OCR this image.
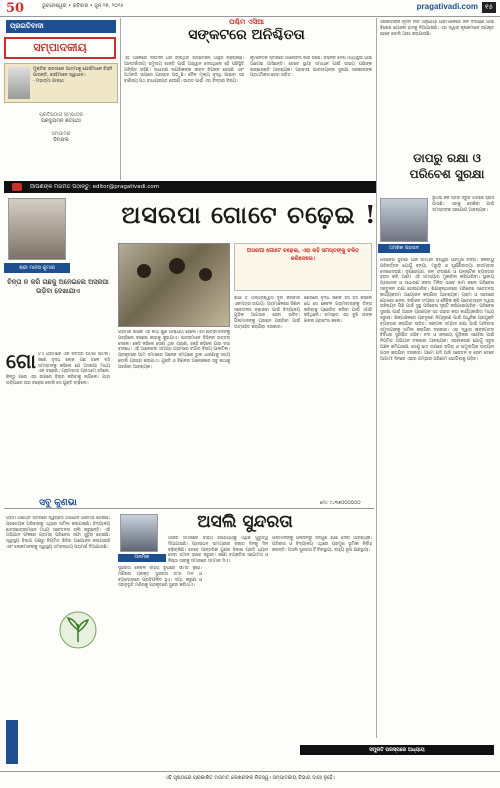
50	ଭୁବନେଶ୍ୱର • ରବିବାର • ଜୁନ୍ ୨୭, ୨୦୨୫	pragativadi.com ୧୫
ପ୍ରଗତିବାଦୀ
ସମ୍ପାଦକୀୟ
ମୁକ୍ତିର ଭରସାରେ ଆତ୍ମାକୁ ଯେଉଁମାନେ ଚିହ୍ନି ପାରନ୍ତି, ସେହିମାନେ ସ୍ୱାଧୀନ।
- ମହାତ୍ମା ଗାନ୍ଧୀ
ପ୍ରତିଷ୍ଠାତା ସମ୍ପାଦକ
ପ୍ରଦ୍ୟୁମ୍ନ ଶତପଥୀ
ସମ୍ପାଦକ
ଡିମ୍ପଲ
ପଶ୍ଚିମ ଏସିଆ
ସଙ୍କଟରେ ଅନିଶ୍ଚିତତା
ଏହି ଅଞ୍ଚଳରେ ଦୀର୍ଘଦିନ ଧରି ଚାଲିଥିବା ଉତ୍ତେଜନା ଆହୁରି ବଢ଼ିଚାଲିଛି। ଆନ୍ତର୍ଜାତୀୟ ସମୁଦାୟ ଶାନ୍ତି ପାଇଁ ଆହ୍ୱାନ ଦେଉଥିଲେ ହେଁ ପରିସ୍ଥିତି ଅନିଶ୍ଚିତ ରହିଛି। ସାଧାରଣ ନାଗରିକଙ୍କ ଜୀବନ ବିପନ୍ନ ହେଉଛି ଏବଂ ଅର୍ଥନୀତି ଉପରେ ପ୍ରଭାବ ପଡ଼ୁଛି। ତୈଳ ମୂଲ୍ୟ ବୃଦ୍ଧି ପାଇବା ସହ ବାଣିଜ୍ୟ ପଥ ବାଧାପ୍ରାପ୍ତ ହେଉଛି। ଭାରତ ପାଇଁ ଏହା ଚିନ୍ତାର ବିଷୟ।
କୂଟନୈତିକ ସ୍ତରରେ ଆଲୋଚନା ଜାରି ରହିଛି। ବିଭିନ୍ନ ଦେଶ ମଧ୍ୟସ୍ଥତା ପାଇଁ ଆଗେଇ ଆସିଛନ୍ତି। ତେବେ ସ୍ଥାୟୀ ସମାଧାନ ପାଇଁ ଉଭୟ ପକ୍ଷଙ୍କ ଇଚ୍ଛାଶକ୍ତି ଆବଶ୍ୟକ। ପ୍ରବାସୀ ଭାରତୀୟଙ୍କ ସୁରକ୍ଷା ସରକାରଙ୍କ ପ୍ରାଥମିକତା ହେବା ଉଚିତ।
ସରକାରଙ୍କ ନୂତନ ନୀତି ଅନୁଯାୟୀ ଗ୍ରାମାଞ୍ଚଳରେ ଜଳ ସଂରକ୍ଷଣ ପାଇଁ ବିଶେଷ ଯୋଜନା ହାତକୁ ନିଆଯାଇଛି। ଏହା ଦ୍ୱାରା କୃଷକମାନେ ଉପକୃତ ହେବେ ବୋଲି ଆଶା କରାଯାଉଛି।
ଆପଣଙ୍କ ମତାମତ ପଠାନ୍ତୁ: editor@pragativadi.com
ଡାପରୁ ରକ୍ଷା ଓ ପରିବେଶ ସୁରକ୍ଷା
ଅମ୍ବିକା ପ୍ରସାଦ
ଭୂଗର୍ଭ ଜଳ ସ୍ତର ଦ୍ରୁତ ଗତିରେ ହ୍ରାସ ପାଉଛି। ଏହାକୁ ରୋକିବା ପାଇଁ ସମସ୍ତଙ୍କ ସହଯୋଗ ଆବଶ୍ୟକ।
ପରିବେଶ ସୁରକ୍ଷା ଆଜି ସମଗ୍ର ବିଶ୍ୱର ପ୍ରମୁଖ ଚିନ୍ତା। ଜଳବାୟୁ ପରିବର୍ତ୍ତନ ଯୋଗୁଁ ବନ୍ୟା, ମରୁଡ଼ି ଓ ଘୂର୍ଣ୍ଣିବାତ୍ୟା ବାରମ୍ବାର ଦେଖାଦେଉଛି। ବୃକ୍ଷରୋପଣ, ଜଳ ସଂରକ୍ଷଣ ଓ ପ୍ଲାଷ୍ଟିକ ବ୍ୟବହାର ହ୍ରାସ କରି ଆମେ ଏହି ସମସ୍ୟାର ମୁକାବିଲା କରିପାରିବା। ସ୍ଥାନୀୟ ପ୍ରଶାସନ ଓ ସାଧାରଣ ଜନତା ମିଳିତ ଭାବେ କାମ କଲେ ପରିବେଶ ସନ୍ତୁଳନ ରକ୍ଷା ହୋଇପାରିବ। ଶିକ୍ଷାନୁଷ୍ଠାନରେ ପରିବେଶ ସଚେତନତା କାର୍ଯ୍ୟକ୍ରମ ଆୟୋଜନ କରାଯିବା ଆବଶ୍ୟକ। ଗ୍ରାମ ଓ ସହରରେ ପୋଖରୀ ଖନନ, ବର୍ଷାଜଳ ସଂଗ୍ରହ ଓ ଜୈବିକ କୃଷି ପ୍ରୋତ୍ସାହନ ଦ୍ୱାରା ଭବିଷ୍ୟତ ପିଢ଼ି ପାଇଁ ସୁସ୍ଥ ପରିବେଶ ସୃଷ୍ଟି କରାଯାଇପାରିବ। ପରିବେଶ ସୁରକ୍ଷା ପାଇଁ ଆଇନ ପ୍ରଣୟନ ସହ ତାହାର କଡ଼ା କାର୍ଯ୍ୟକାରିତା ମଧ୍ୟ ଜରୁରୀ। ଶିଳ୍ପାଞ୍ଚଳରେ ପ୍ରଦୂଷଣ ନିୟନ୍ତ୍ରଣ ପାଇଁ ଆଧୁନିକ ପ୍ରଯୁକ୍ତି ବ୍ୟବହାର କରାଯିବା ଉଚିତ। ଜଙ୍ଗଲ ସମ୍ପଦ ରକ୍ଷା ପାଇଁ ଆଦିବାସୀ ସମୁଦାୟଙ୍କୁ ସାମିଲ କରାଯିବା ଦରକାର। ଏହା ଦ୍ୱାରା ଜୀବଜଗତର ବିବିଧତା ସୁରକ୍ଷିତ ରହିବ। ନଦୀ ଓ ଜଳାଶୟ ଗୁଡ଼ିକର ସଫେଇ ପାଇଁ ନିୟମିତ ଅଭିଯାନ ଚଳାଇବା ଆବଶ୍ୟକ। ସହରୀକରଣ ଯୋଗୁଁ ସବୁଜ ଅଞ୍ଚଳ କମିଯାଉଛି, ତେଣୁ ଛାତ ଉପରେ ବଗିଚା ଓ ସାମୁଦାୟିକ ଉଦ୍ୟାନ ଗଠନ କରାଯିବା ଦରକାର। ଆମେ ଯଦି ଆଜି ସଚେତନ ନ ହେବା ତେବେ ଆଗାମୀ ଦିନରେ ଏହାର ଗମ୍ଭୀର ପରିଣାମ ଭୋଗିବାକୁ ପଡ଼ିବ।
ଅସରପା ଗୋଟେ ଚଢ଼େଇ !
ଶ୍ରୀ ମାନସ କୁମାର
ଚିନ୍ତା ନ କରି ଗଛକୁ ଅନେଇଲେ ଅସରପା ଉଡ଼ିବା ଦେଖାଯାଏ
ଗୋ ଟିଏ ଗ୍ରାମରେ ଏକ ବିଚିତ୍ର ଘଟଣା ଘଟିଲା। ଜଣେ ବୃଦ୍ଧ ଲୋକ ଗଛ ତଳେ ବସି ସମସ୍ତଙ୍କୁ କହିଲେ ଯେ ଅସରପା ମଧ୍ୟ ଏକ ଚଢ଼େଇ। ଗ୍ରାମବାସୀ ପ୍ରଥମେ ହସିଲେ, କିନ୍ତୁ ପରେ ଏହା ଉପରେ ବିଚାର କରିବାକୁ ଲାଗିଲେ। ଯାହା ଉଡ଼ିପାରେ ତାହା ଚଢ଼େଇ ବୋଲି ସେ ଯୁକ୍ତି ବାଢ଼ିଲେ।
ଅସରପା ଗୋଟେ ଚଢ଼େଇ, ଏହା କହି ସମସ୍ତଙ୍କୁ ଚକିତ କରିଦେଲେ।
ଗ୍ରାମର ଶିକ୍ଷକ ଏହି କଥା ଶୁଣି ଆଶ୍ଚର୍ଯ୍ୟ ହେଲେ। ସେ ଛାତ୍ରମାନଙ୍କୁ ପଚାରିଲେ ଚଢ଼େଇ କାହାକୁ କୁହାଯାଏ। ଛାତ୍ରମାନେ ବିଭିନ୍ନ ଉତ୍ତର ଦେଲେ। କେହି କହିଲେ ଡେଣା ଥିବା ପ୍ରାଣୀ, କେହି କହିଲେ ଯାହା ବସା ବାନ୍ଧେ। ଏହି ଆଲୋଚନା ସମଗ୍ର ଗ୍ରାମରେ ଚର୍ଚ୍ଚାର ବିଷୟ ପାଲଟିଲା। ପ୍ରକୃତରେ ଆମ ସମାଜରେ ଅନେକ ସମୟରେ ଭୁଲ ଧାରଣାକୁ ସତ୍ୟ ବୋଲି ଗ୍ରହଣ କରାଯାଏ। ଯୁକ୍ତି ଓ ବିଜ୍ଞାନର ଆଲୋକରେ ସବୁ କଥାକୁ ପରଖିବା ଆବଶ୍ୟକ।
ଶିକ୍ଷା ହିଁ ଅନ୍ଧବିଶ୍ୱାସ ଦୂର କରିବାର ଏକମାତ୍ର ଉପାୟ। ଗ୍ରାମାଞ୍ଚଳରେ ବିଜ୍ଞାନ ସଚେତନତା ବଢ଼ାଇବା ପାଇଁ ବିଦ୍ୟାଳୟ ଗୁଡ଼ିକ ଆଗଭର ହେବା ଉଚିତ। ପିଲାମାନଙ୍କୁ ପ୍ରଶ୍ନ ପଚାରିବା ପାଇଁ ଉତ୍ସାହିତ କରାଯିବା ଦରକାର।
ଶେଷରେ ବୃଦ୍ଧ ଜଣକ ହସି ହସି କହିଲେ ଯେ ସେ କେବଳ ଗ୍ରାମବାସୀଙ୍କୁ ଚିନ୍ତା କରିବାକୁ ପ୍ରେରିତ କରିବା ପାଇଁ ଏପରି କହିଥିଲେ। ସମସ୍ତେ ଏହା ବୁଝି ତାଙ୍କ ଜ୍ଞାନର ପ୍ରଶଂସା କଲେ।
ମୋ: ୯୪୩୭୦୦୦୦୦୦
ସବୁ କୁଣଭା
ଗ୍ରାମ ପଞ୍ଚାୟତ ସ୍ତରରେ ସ୍ୱଚ୍ଛତା ଅଭିଯାନ ଆରମ୍ଭ ହୋଇଛି। ପ୍ରତ୍ୟେକ ପରିବାରକୁ ଏଥିରେ ସାମିଲ କରାଯାଇଛି। ବିଦ୍ୟାଳୟ ଛାତ୍ରଛାତ୍ରୀମାନେ ମଧ୍ୟ ସଚେତନତା ରାଲି କରୁଛନ୍ତି। ଏହି ଅଭିଯାନ ଫଳରେ ଗ୍ରାମର ପରିବେଶ ସଫା ସୁତୁରା ହୋଇଛି। ସ୍ୱାସ୍ଥ୍ୟ ବିଭାଗ ପକ୍ଷରୁ ନିୟମିତ ଶିବିର ଆୟୋଜନ କରାଯାଉଛି ଏବଂ ଲୋକମାନଙ୍କୁ ସ୍ୱାସ୍ଥ୍ୟ ସମ୍ବନ୍ଧୀୟ ପରାମର୍ଶ ଦିଆଯାଉଛି।
ଅସଲି ସୁନ୍ଦରତା
ଅନାମିକା
ସୁନ୍ଦରତା କେବଳ ବାହ୍ୟ ରୂପରେ ସୀମିତ ନୁହେଁ। ମଣିଷର ପ୍ରକୃତ ସୁନ୍ଦରତା ତା'ର ମନ ଓ ବ୍ୟବହାରରେ ପ୍ରତିଫଳିତ ହୁଏ। ଦୟା, କରୁଣା ଓ ସହାନୁଭୂତି ମଣିଷକୁ ପ୍ରକୃତରେ ସୁନ୍ଦର କରିଥାଏ।
ଆଜିର ସମାଜରେ ବାହ୍ୟ ସୌନ୍ଦର୍ଯ୍ୟକୁ ଅଧିକ ଗୁରୁତ୍ୱ ଦିଆଯାଉଛି। ପ୍ରସାଧନ ସାମଗ୍ରୀର ବଜାର ଦିନକୁ ଦିନ ବଢ଼ିଚାଲିଛି। ତେବେ ଆନ୍ତରିକ ଗୁଣର ବିକାଶ ପ୍ରତି ଧ୍ୟାନ ଦେବା ସମାନ ଭାବେ ଜରୁରୀ। ଜଣେ ବ୍ୟକ୍ତିର ସଚ୍ଚୋଟତା ଓ ନିଷ୍ଠା ତାଙ୍କୁ ସମାଜରେ ସମ୍ମାନ ଦିଏ।
ପିଲାମାନଙ୍କୁ ପିଲାଦିନରୁ ସଦ୍‌ଗୁଣ ଶିକ୍ଷା ଦେବା ଆବଶ୍ୟକ। ପରିବାର ଓ ବିଦ୍ୟାଳୟ ଏଥିରେ ପ୍ରମୁଖ ଭୂମିକା ନିର୍ବାହ କରନ୍ତି। ଅସଲି ସୁନ୍ଦରତା ହିଁ ଚିରସ୍ଥାୟୀ, ବାହ୍ୟ ରୂପ କ୍ଷଣସ୍ଥାୟୀ।
ସମ୍ପ୍ରତି ପରସ୍ପରେ ଅଧ୍ୟାୟ
ଏହି ପୃଷ୍ଠାରେ ପ୍ରକାଶିତ ମତାମତ ଲେଖକଙ୍କ ନିଜସ୍ୱ। ସମ୍ପାଦକୀୟ ବିଭାଗ ଦାୟୀ ନୁହେଁ।
